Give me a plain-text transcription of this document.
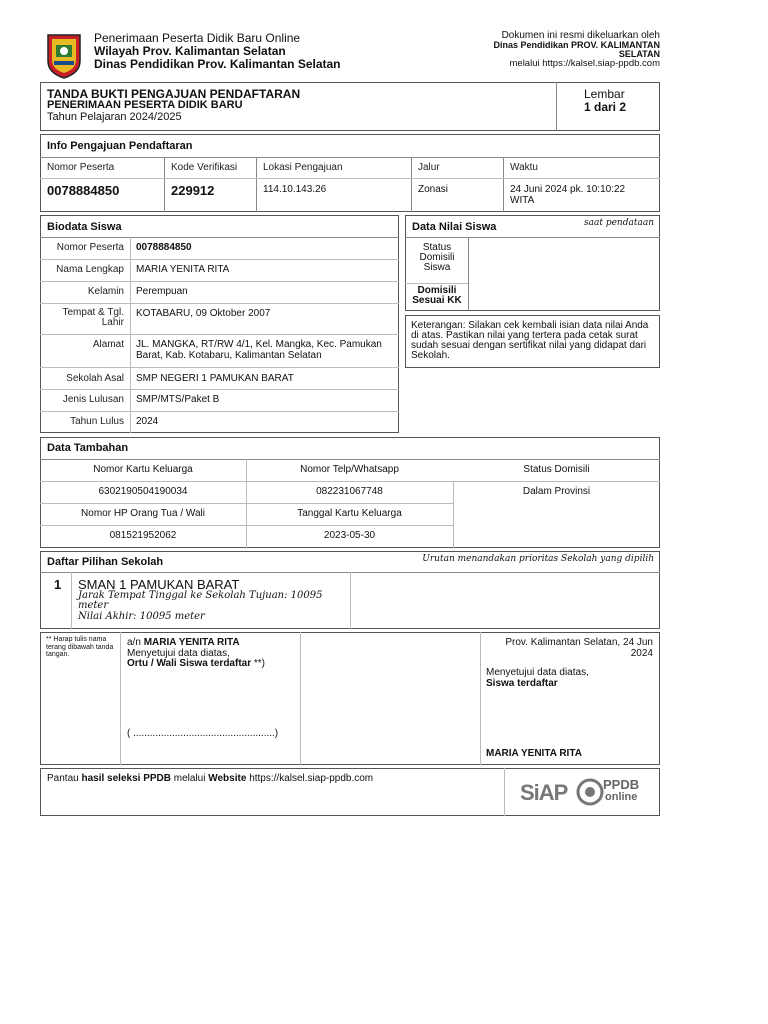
Penerimaan Peserta Didik Baru Online
Wilayah Prov. Kalimantan Selatan
Dinas Pendidikan Prov. Kalimantan Selatan
Dokumen ini resmi dikeluarkan oleh
Dinas Pendidikan PROV. KALIMANTAN
SELATAN
melalui https://kalsel.siap-ppdb.com
TANDA BUKTI PENGAJUAN PENDAFTARAN
PENERIMAAN PESERTA DIDIK BARU
Tahun Pelajaran 2024/2025
Lembar
1 dari 2
Info Pengajuan Pendaftaran
Nomor Peserta	Kode Verifikasi	Lokasi Pengajuan	Jalur	Waktu
0078884850	229912	114.10.143.26	Zonasi	24 Juni 2024 pk. 10:10:22 WITA
Biodata Siswa
Nomor Peserta 0078884850
Nama Lengkap MARIA YENITA RITA
Kelamin Perempuan
Tempat & Tgl. Lahir
KOTABARU, 09 Oktober 2007
Alamat JL. MANGKA, RT/RW 4/1, Kel. Mangka, Kec. Pamukan Barat, Kab. Kotabaru, Kalimantan Selatan
Sekolah Asal SMP NEGERI 1 PAMUKAN BARAT
Jenis Lulusan SMP/MTS/Paket B
Tahun Lulus 2024
Data Nilai Siswa	saat pendataan
Status Domisili Siswa
Domisili Sesuai KK
Keterangan: Silakan cek kembali isian data nilai Anda di atas. Pastikan nilai yang tertera pada cetak surat sudah sesuai dengan sertifikat nilai yang didapat dari Sekolah.
Data Tambahan
Nomor Kartu Keluarga	Nomor Telp/Whatsapp	Status Domisili
6302190504190034	082231067748	Dalam Provinsi
Nomor HP Orang Tua / Wali	Tanggal Kartu Keluarga
081521952062	2023-05-30
Daftar Pilihan Sekolah	Urutan menandakan prioritas Sekolah yang dipilih
1 SMAN 1 PAMUKAN BARAT
Jarak Tempat Tinggal ke Sekolah Tujuan: 10095 meter
Nilai Akhir: 10095 meter
** Harap tulis nama terang dibawah tanda tangan.
a/n MARIA YENITA RITA
Menyetujui data diatas,
Ortu / Wali Siswa terdaftar **)
( ...................................................)
Prov. Kalimantan Selatan, 24 Jun 2024
Menyetujui data diatas,
Siswa terdaftar
MARIA YENITA RITA
Pantau hasil seleksi PPDB melalui Website https://kalsel.siap-ppdb.com
SiAP	PPDB
online
